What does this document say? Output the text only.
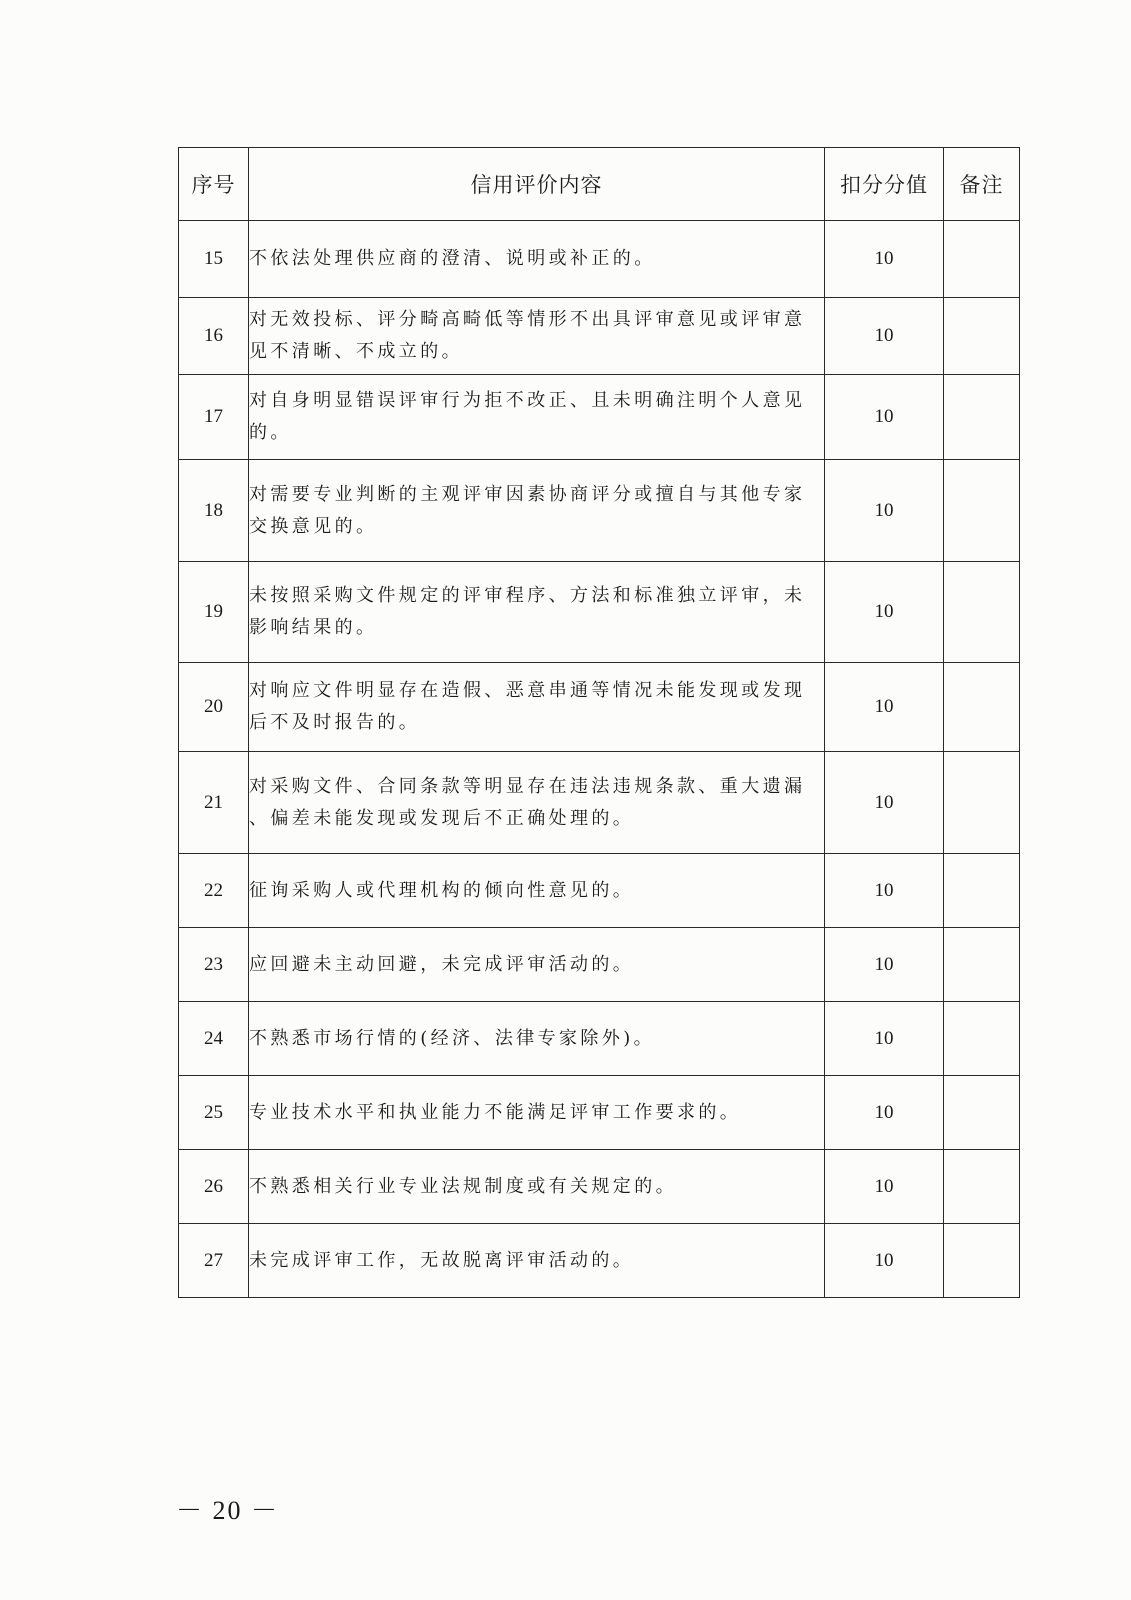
序号	信用评价内容	扣分分值	备注
15	不依法处理供应商的澄清、说明或补正的。	10	
16	对无效投标、评分畸高畸低等情形不出具评审意见或评审意见不清晰、不成立的。	10	
17	对自身明显错误评审行为拒不改正、且未明确注明个人意见的。	10	
18	对需要专业判断的主观评审因素协商评分或擅自与其他专家交换意见的。	10	
19	未按照采购文件规定的评审程序、方法和标准独立评审，未影响结果的。	10	
20	对响应文件明显存在造假、恶意串通等情况未能发现或发现后不及时报告的。	10	
21	对采购文件、合同条款等明显存在违法违规条款、重大遗漏 、偏差未能发现或发现后不正确处理的。	10	
22	征询采购人或代理机构的倾向性意见的。	10	
23	应回避未主动回避，未完成评审活动的。	10	
24	不熟悉市场行情的(经济、法律专家除外)。	10	
25	专业技术水平和执业能力不能满足评审工作要求的。	10	
26	不熟悉相关行业专业法规制度或有关规定的。	10	
27	未完成评审工作，无故脱离评审活动的。	10	
－ 20 －
